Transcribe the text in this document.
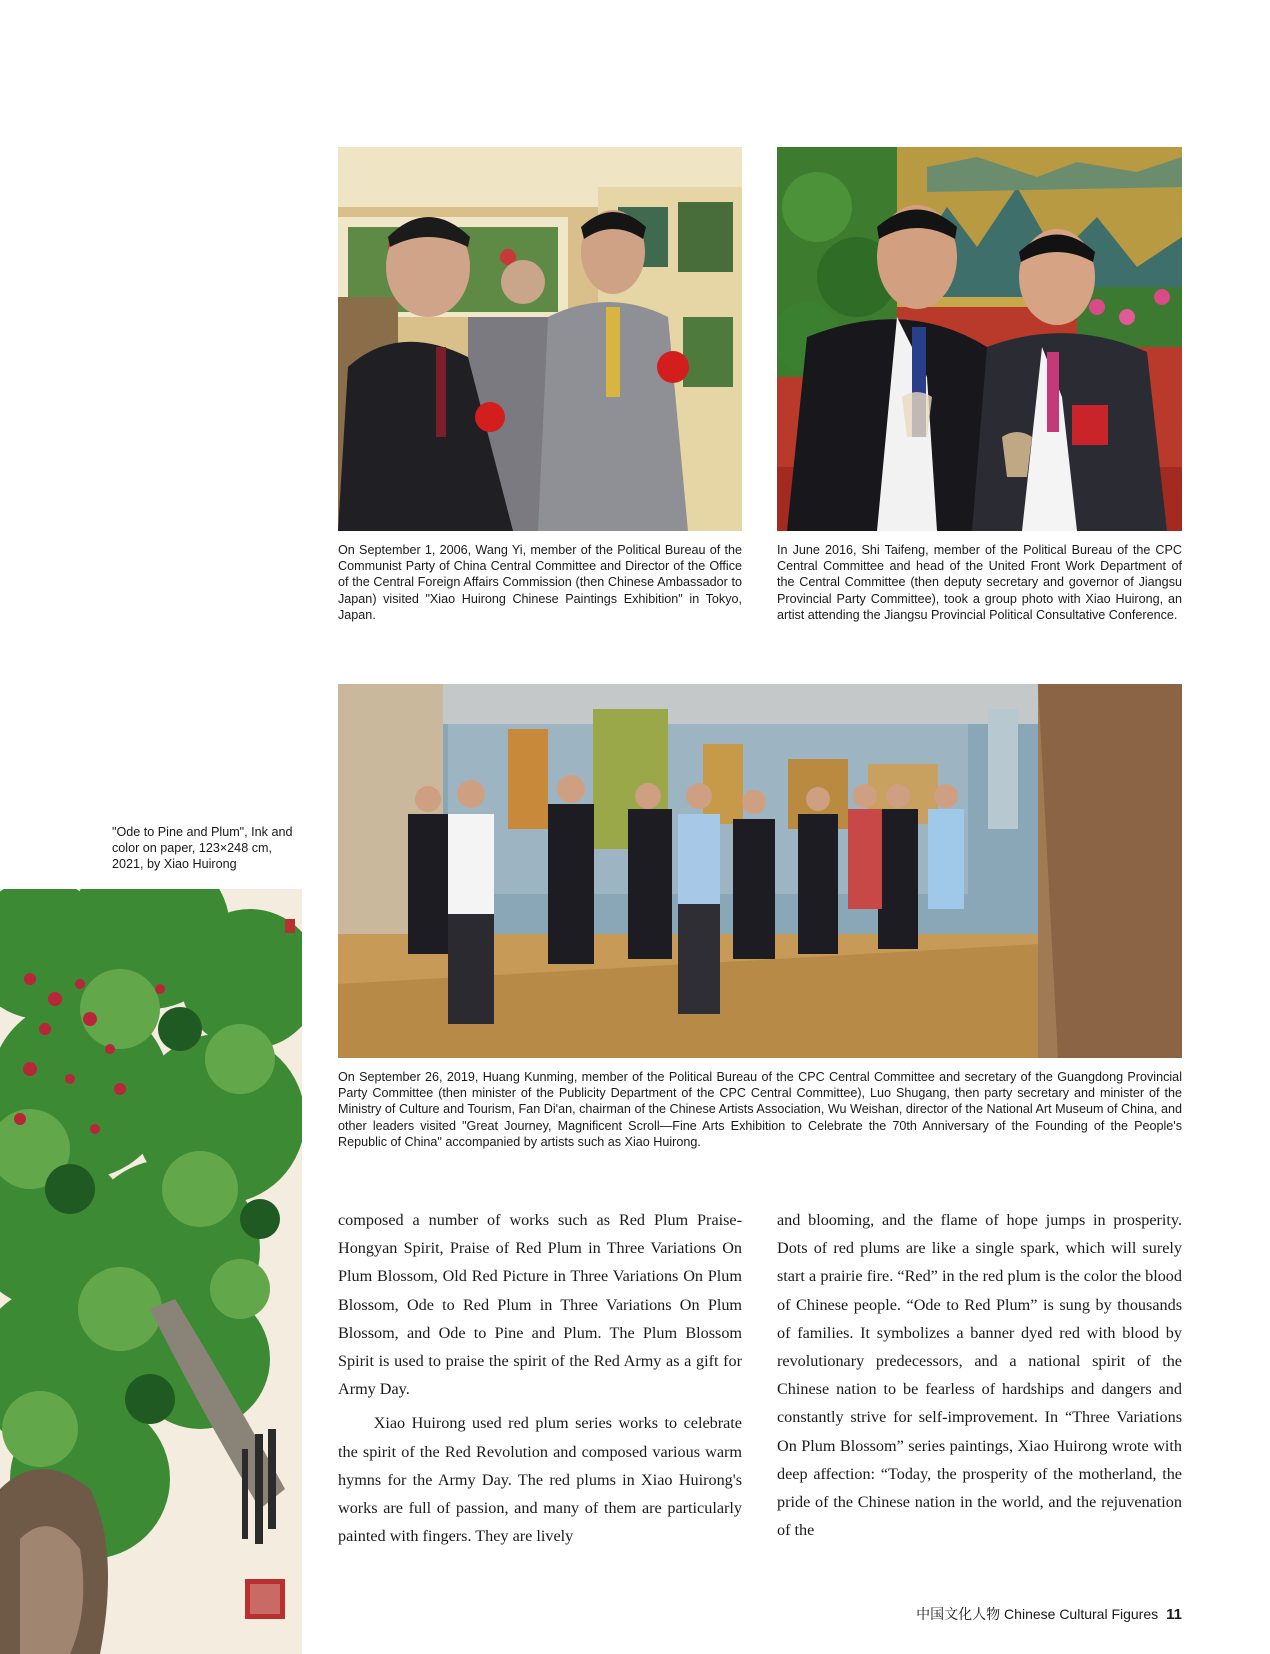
On September 1, 2006, Wang Yi, member of the Political Bureau of the Communist Party of China Central Committee and Director of the Office of the Central Foreign Affairs Commission (then Chinese Ambassador to Japan) visited "Xiao Huirong Chinese Paintings Exhibition" in Tokyo, Japan.
In June 2016, Shi Taifeng, member of the Political Bureau of the CPC Central Committee and head of the United Front Work Department of the Central Committee (then deputy secretary and governor of Jiangsu Provincial Party Committee), took a group photo with Xiao Huirong, an artist attending the Jiangsu Provincial Political Consultative Conference.
On September 26, 2019, Huang Kunming, member of the Political Bureau of the CPC Central Committee and secretary of the Guangdong Provincial Party Committee (then minister of the Publicity Department of the CPC Central Committee), Luo Shugang, then party secretary and minister of the Ministry of Culture and Tourism, Fan Di'an, chairman of the Chinese Artists Association, Wu Weishan, director of the National Art Museum of China, and other leaders visited "Great Journey, Magnificent Scroll—Fine Arts Exhibition to Celebrate the 70th Anniversary of the Founding of the People's Republic of China" accompanied by artists such as Xiao Huirong.
"Ode to Pine and Plum", Ink and color on paper, 123×248 cm, 2021, by Xiao Huirong

composed a number of works such as Red Plum Praise-Hongyan Spirit, Praise of Red Plum in Three Variations On Plum Blossom, Old Red Picture in Three Variations On Plum Blossom, Ode to Red Plum in Three Variations On Plum Blossom, and Ode to Pine and Plum. The Plum Blossom Spirit is used to praise the spirit of the Red Army as a gift for Army Day.

Xiao Huirong used red plum series works to celebrate the spirit of the Red Revolution and composed various warm hymns for the Army Day. The red plums in Xiao Huirong's works are full of passion, and many of them are particularly painted with fingers. They are lively

and blooming, and the flame of hope jumps in prosperity. Dots of red plums are like a single spark, which will surely start a prairie fire. “Red” in the red plum is the color the blood of Chinese people. “Ode to Red Plum” is sung by thousands of families. It symbolizes a banner dyed red with blood by revolutionary predecessors, and a national spirit of the Chinese nation to be fearless of hardships and dangers and constantly strive for self-improvement. In “Three Variations On Plum Blossom” series paintings, Xiao Huirong wrote with deep affection: “Today, the prosperity of the motherland, the pride of the Chinese nation in the world, and the rejuvenation of the

中国文化人物 Chinese Cultural Figures 11
